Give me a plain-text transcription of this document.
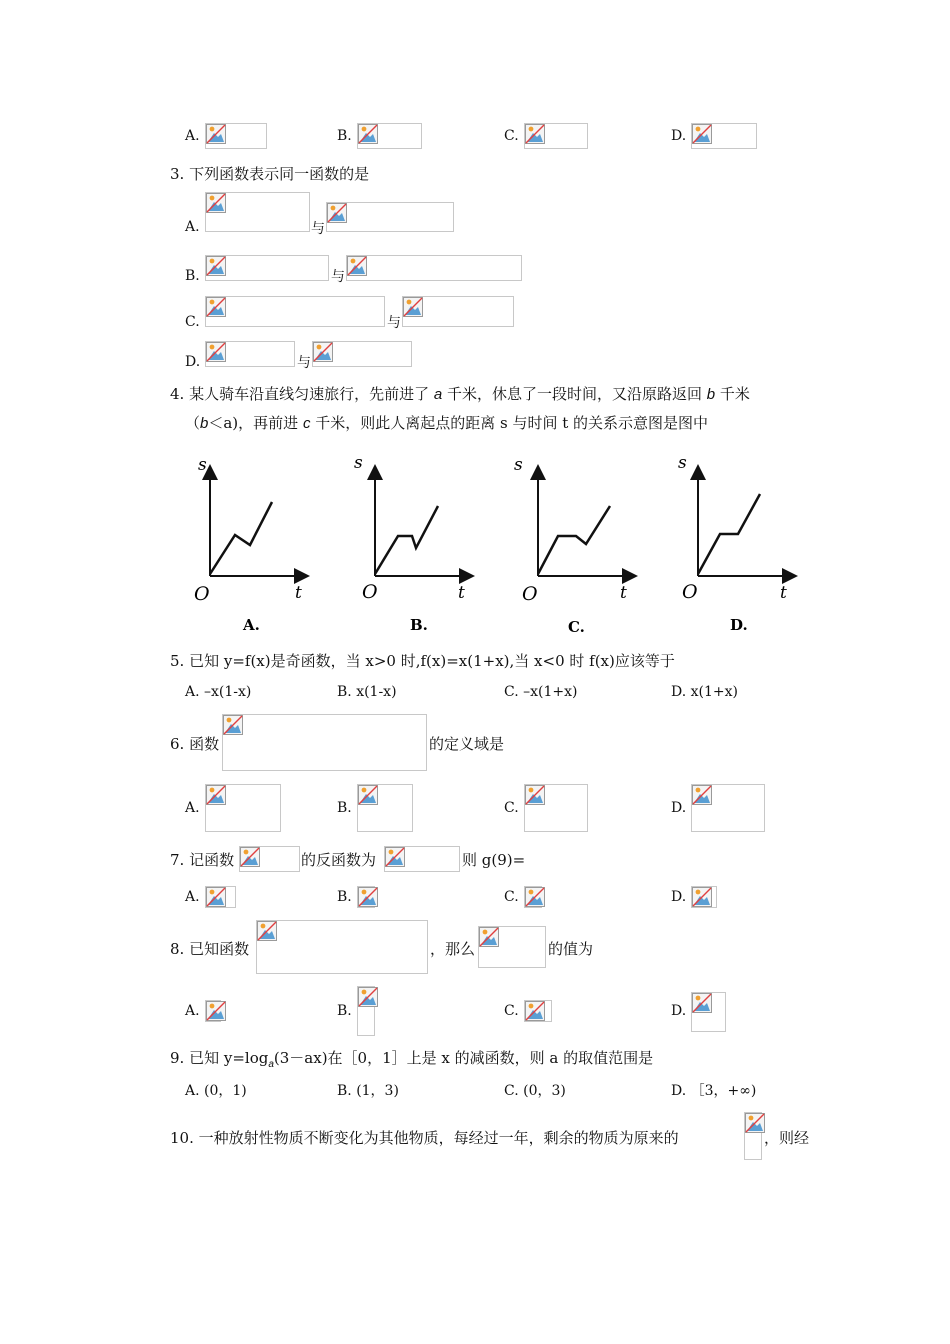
A.	B.	C.	D.
3. 下列函数表示同一函数的是
A.	与
B.	与
C.	与
D.	与
4. 某人骑车沿直线匀速旅行，先前进了 a 千米，休息了一段时间，又沿原路返回 b 千米
（b＜a)，再前进 c 千米，则此人离起点的距离 s 与时间 t 的关系示意图是图中
s
O	t
A.
s
O	t
B.
s
O	t
C.
s
O	t
D.
5. 已知 y=f(x)是奇函数，当 x>0 时,f(x)=x(1+x),当 x<0 时 f(x)应该等于
A. –x(1-x)	B. x(1-x)	C. –x(1+x)	D. x(1+x)
6. 函数	的定义域是
A.	B.	C.	D.
7. 记函数	的反函数为	则 g(9)=
A.	B.	C.	D.
8. 已知函数	，那么	的值为
A.	B.	C.	D.
9. 已知 $y=\log_a(3-ax)$在［0，1］上是 x 的减函数，则 a 的取值范围是
A. (0，1)	B. (1，3)	C. (0，3)	D. ［3，+∞)
10. 一种放射性物质不断变化为其他物质，每经过一年，剩余的物质为原来的	，则经
